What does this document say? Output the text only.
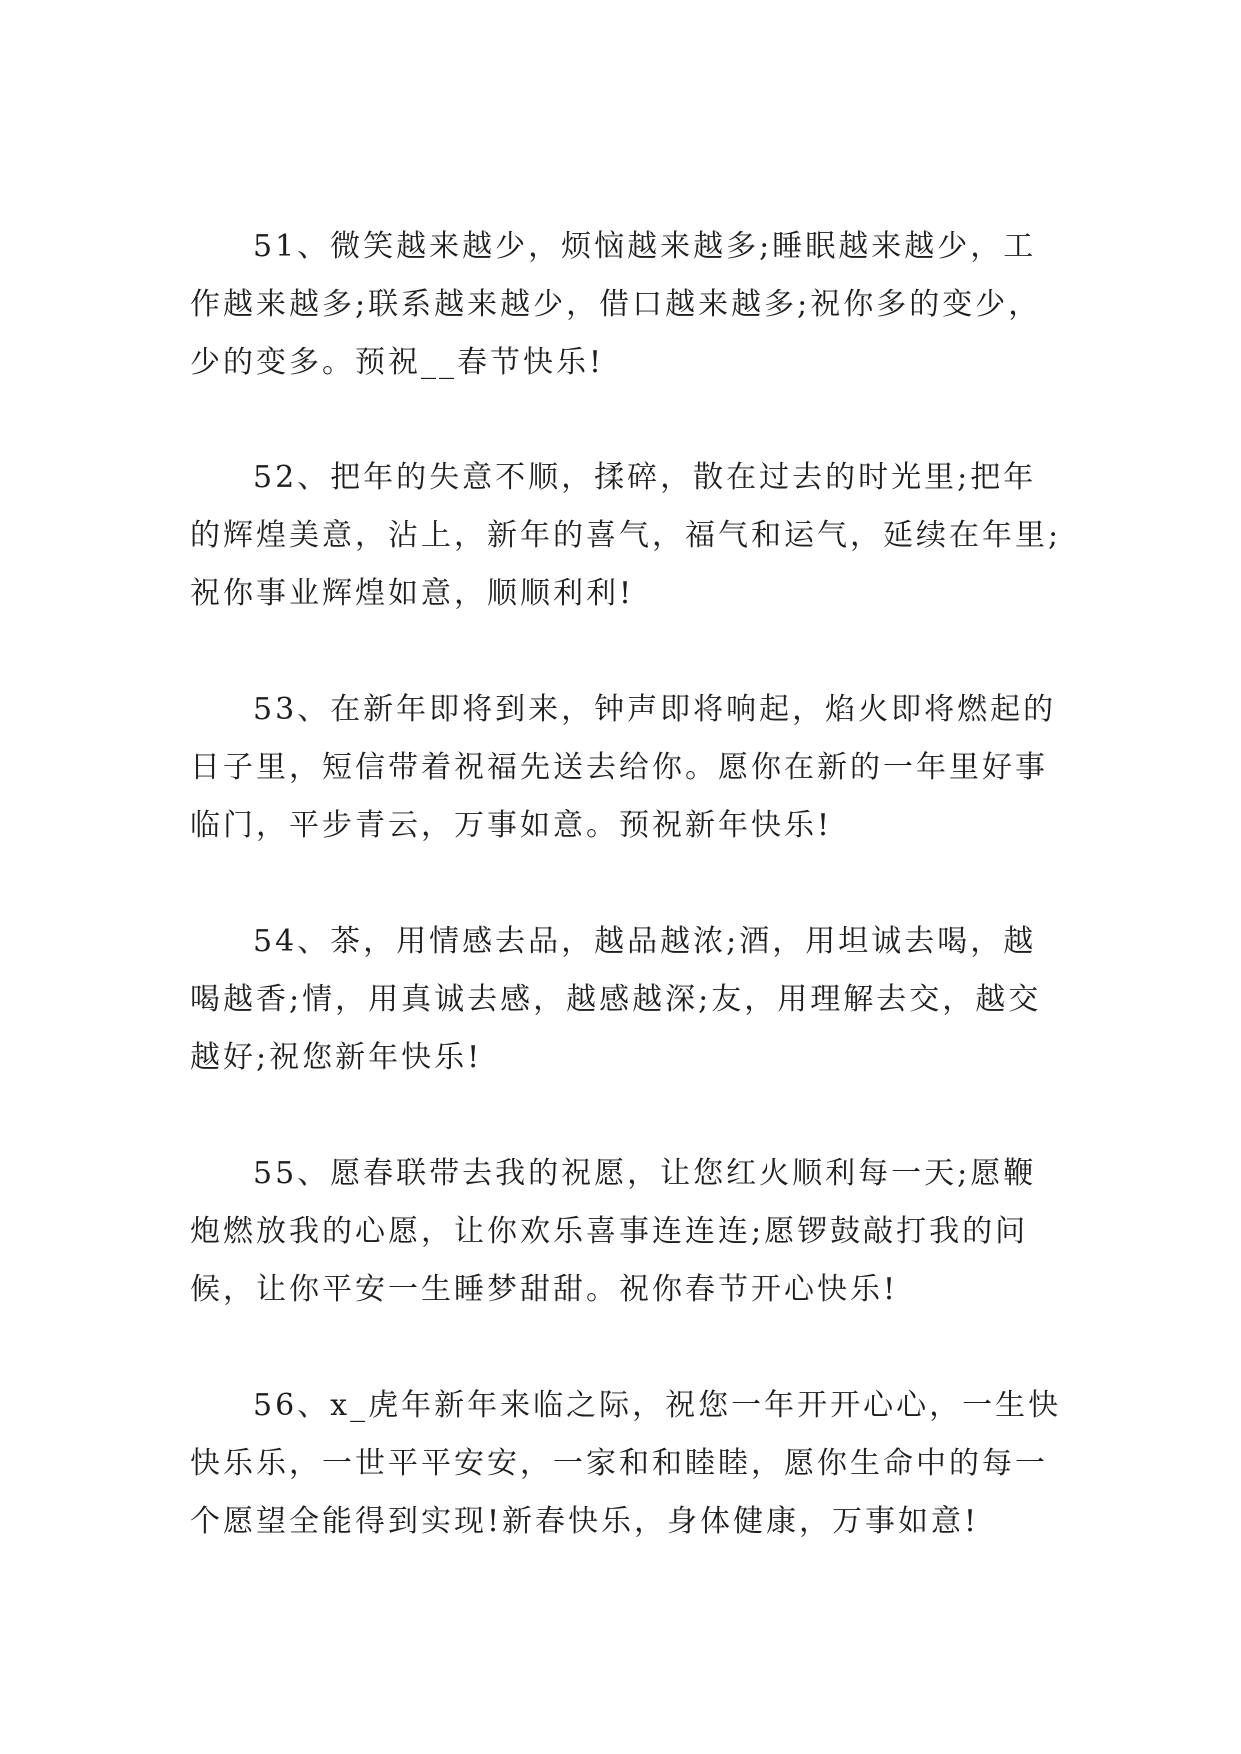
51、微笑越来越少，烦恼越来越多;睡眠越来越少，工
作越来越多;联系越来越少，借口越来越多;祝你多的变少，
少的变多。预祝__春节快乐!
52、把年的失意不顺，揉碎，散在过去的时光里;把年
的辉煌美意，沾上，新年的喜气，福气和运气，延续在年里;
祝你事业辉煌如意，顺顺利利!
53、在新年即将到来，钟声即将响起，焰火即将燃起的
日子里，短信带着祝福先送去给你。愿你在新的一年里好事
临门，平步青云，万事如意。预祝新年快乐!
54、茶，用情感去品，越品越浓;酒，用坦诚去喝，越
喝越香;情，用真诚去感，越感越深;友，用理解去交，越交
越好;祝您新年快乐!
55、愿春联带去我的祝愿，让您红火顺利每一天;愿鞭
炮燃放我的心愿，让你欢乐喜事连连连;愿锣鼓敲打我的问
候，让你平安一生睡梦甜甜。祝你春节开心快乐!
56、x_虎年新年来临之际，祝您一年开开心心，一生快
快乐乐，一世平平安安，一家和和睦睦，愿你生命中的每一
个愿望全能得到实现!新春快乐，身体健康，万事如意!
